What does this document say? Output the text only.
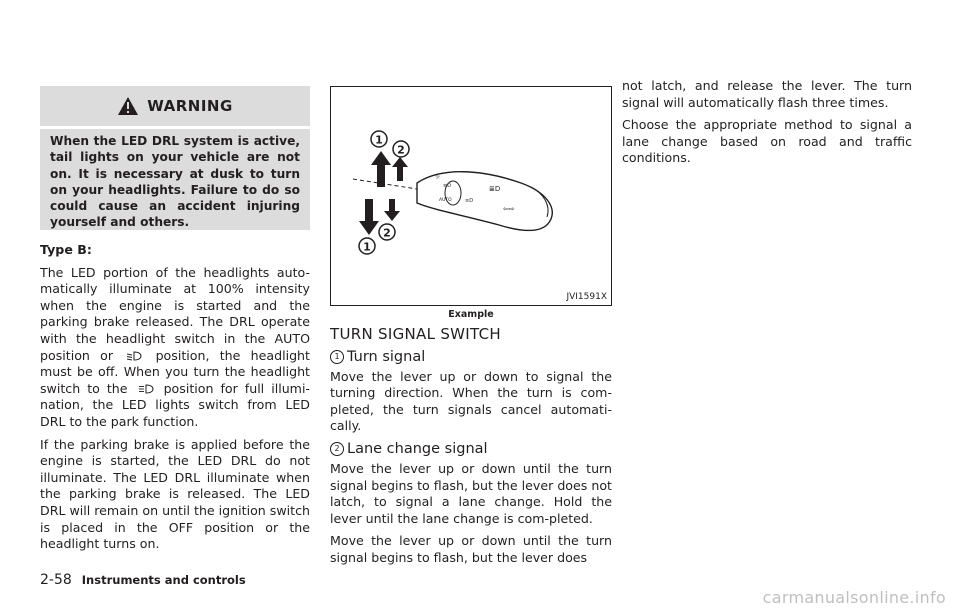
WARNING
When the LED DRL system is active, tail lights on your vehicle are not on. It is necessary at dusk to turn on your headlights. Failure to do so could cause an accident injuring yourself and others.

Type B:

The LED portion of the headlights auto-matically illuminate at 100% intensity when the engine is started and the parking brake released. The DRL operate with the headlight switch in the AUTO position or	position, the headlight must be off. When you turn the headlight switch to the	position for full illumi-nation, the LED lights switch from LED DRL to the park function.

If the parking brake is applied before the engine is started, the LED DRL do not illuminate. The LED DRL illuminate when the parking brake is released. The LED DRL will remain on until the ignition switch is placed in the OFF position or the headlight turns on.

☼
≡D
AUTO	≡D
≣D
⇦⇨
1
2
1
2
JVI1591X
Example

TURN SIGNAL SWITCH

1 Turn signal

Move the lever up or down to signal the turning direction. When the turn is com-pleted, the turn signals cancel automati-cally.

2 Lane change signal

Move the lever up or down until the turn signal begins to flash, but the lever does not latch, to signal a lane change. Hold the lever until the lane change is com-pleted.

Move the lever up or down until the turn signal begins to flash, but the lever does

not latch, and release the lever. The turn signal will automatically flash three times.

Choose the appropriate method to signal a lane change based on road and traffic conditions.

2-58 Instruments and controls
carmanualsonline.info
